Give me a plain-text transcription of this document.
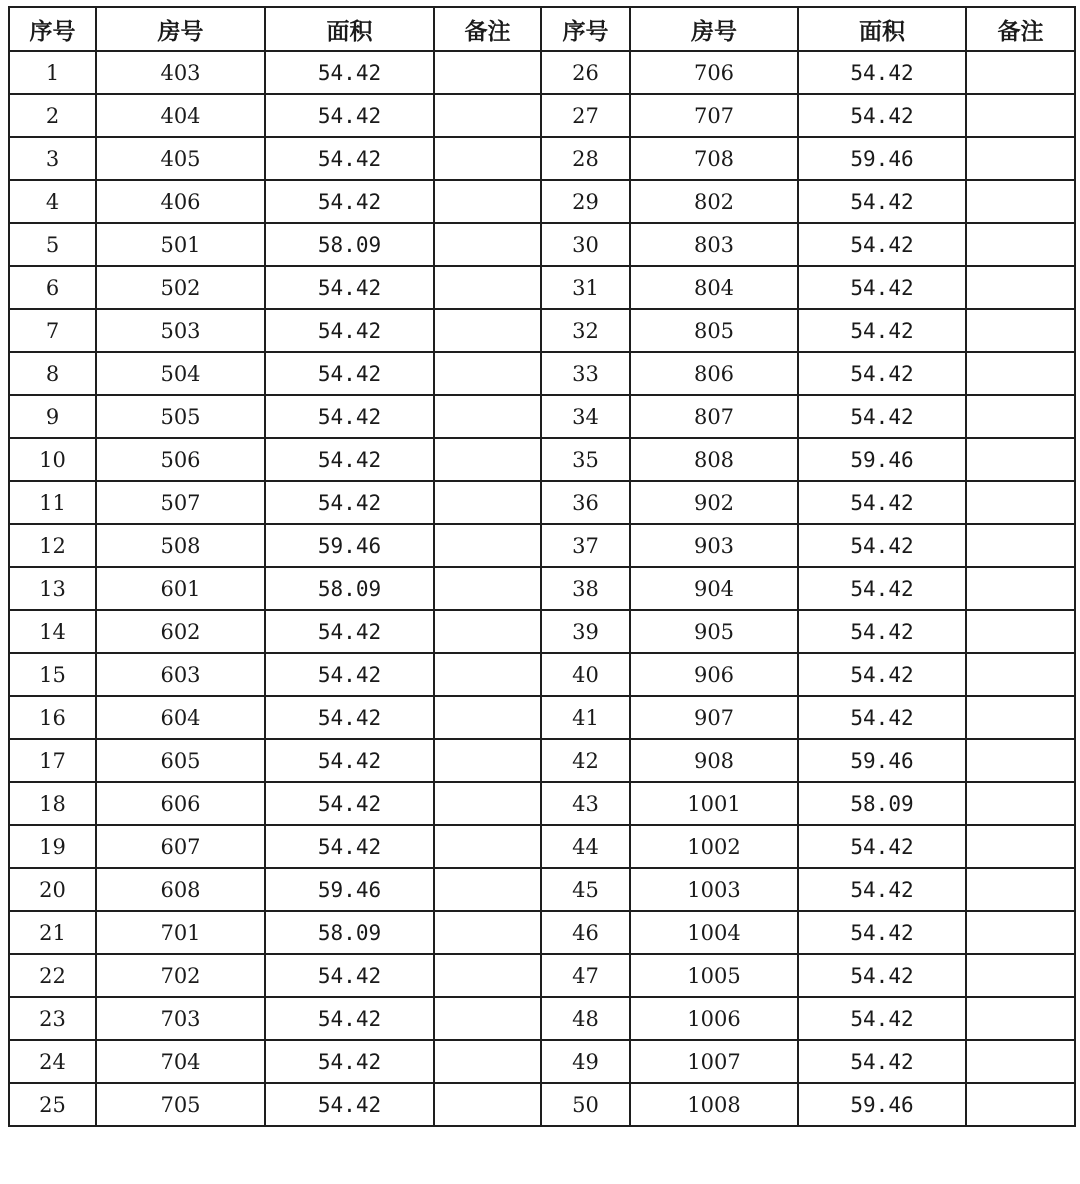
序号	房号	面积	备注	序号	房号	面积	备注
1	403	54.42		26	706	54.42	
2	404	54.42		27	707	54.42	
3	405	54.42		28	708	59.46	
4	406	54.42		29	802	54.42	
5	501	58.09		30	803	54.42	
6	502	54.42		31	804	54.42	
7	503	54.42		32	805	54.42	
8	504	54.42		33	806	54.42	
9	505	54.42		34	807	54.42	
10	506	54.42		35	808	59.46	
11	507	54.42		36	902	54.42	
12	508	59.46		37	903	54.42	
13	601	58.09		38	904	54.42	
14	602	54.42		39	905	54.42	
15	603	54.42		40	906	54.42	
16	604	54.42		41	907	54.42	
17	605	54.42		42	908	59.46	
18	606	54.42		43	1001	58.09	
19	607	54.42		44	1002	54.42	
20	608	59.46		45	1003	54.42	
21	701	58.09		46	1004	54.42	
22	702	54.42		47	1005	54.42	
23	703	54.42		48	1006	54.42	
24	704	54.42		49	1007	54.42	
25	705	54.42		50	1008	59.46	
